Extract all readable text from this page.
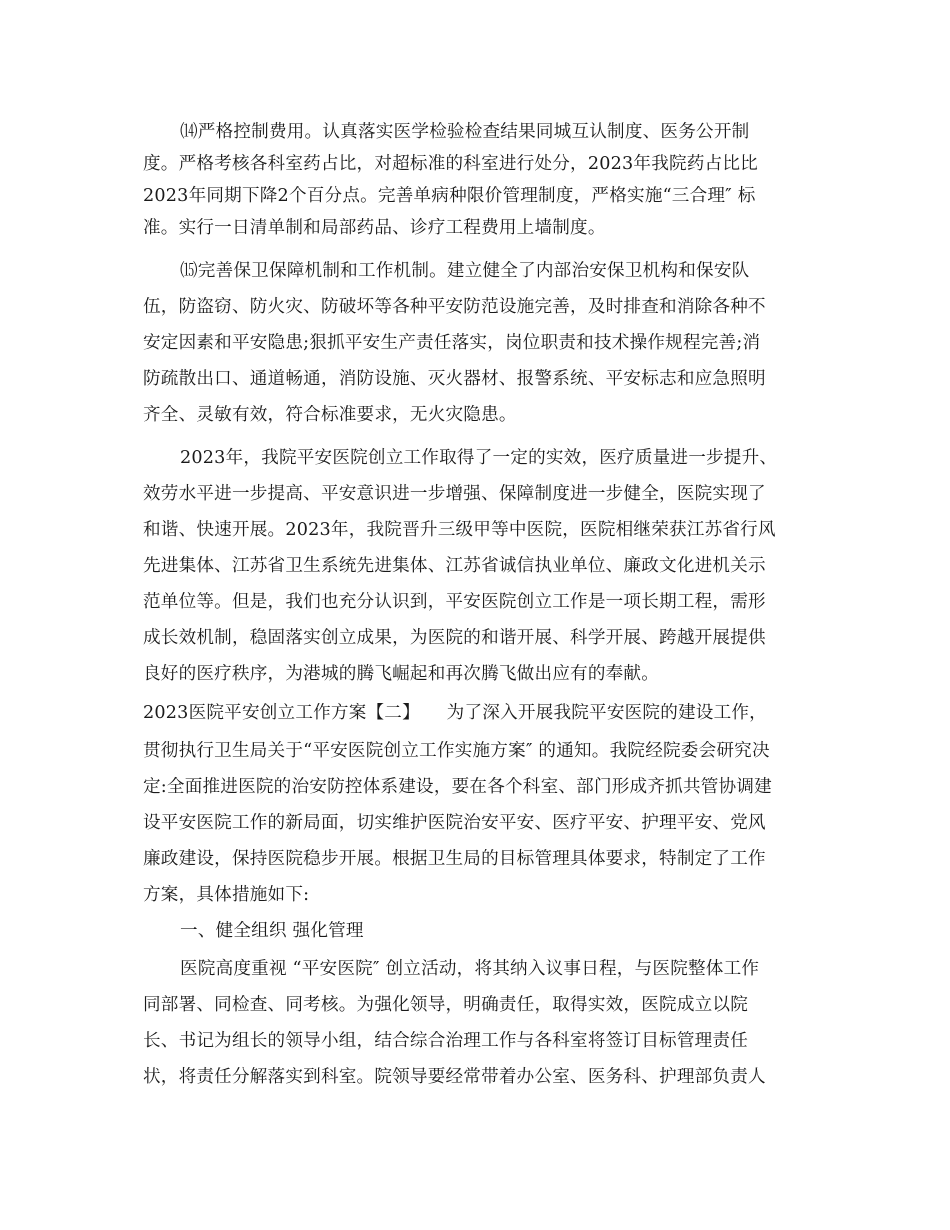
⒁严格控制费用。认真落实医学检验检查结果同城互认制度、医务公开制
度。严格考核各科室药占比，对超标准的科室进行处分，2023年我院药占比比
2023年同期下降2个百分点。完善单病种限价管理制度，严格实施“三合理″ 标
准。实行一日清单制和局部药品、诊疗工程费用上墙制度。
⒂完善保卫保障机制和工作机制。建立健全了内部治安保卫机构和保安队
伍，防盗窃、防火灾、防破坏等各种平安防范设施完善，及时排查和消除各种不
安定因素和平安隐患;狠抓平安生产责任落实，岗位职责和技术操作规程完善;消
防疏散出口、通道畅通，消防设施、灭火器材、报警系统、平安标志和应急照明
齐全、灵敏有效，符合标准要求，无火灾隐患。
2023年，我院平安医院创立工作取得了一定的实效，医疗质量进一步提升、
效劳水平进一步提高、平安意识进一步增强、保障制度进一步健全，医院实现了
和谐、快速开展。2023年，我院晋升三级甲等中医院，医院相继荣获江苏省行风
先进集体、江苏省卫生系统先进集体、江苏省诚信执业单位、廉政文化进机关示
范单位等。但是，我们也充分认识到，平安医院创立工作是一项长期工程，需形
成长效机制，稳固落实创立成果，为医院的和谐开展、科学开展、跨越开展提供
良好的医疗秩序，为港城的腾飞崛起和再次腾飞做出应有的奉献。
2023医院平安创立工作方案【二】　　为了深入开展我院平安医院的建设工作，
贯彻执行卫生局关于“平安医院创立工作实施方案″ 的通知。我院经院委会研究决
定:全面推进医院的治安防控体系建设，要在各个科室、部门形成齐抓共管协调建
设平安医院工作的新局面，切实维护医院治安平安、医疗平安、护理平安、党风
廉政建设，保持医院稳步开展。根据卫生局的目标管理具体要求，特制定了工作
方案，具体措施如下:
一、健全组织 强化管理
医院高度重视 “平安医院″ 创立活动，将其纳入议事日程，与医院整体工作
同部署、同检查、同考核。为强化领导，明确责任，取得实效，医院成立以院
长、书记为组长的领导小组，结合综合治理工作与各科室将签订目标管理责任
状，将责任分解落实到科室。院领导要经常带着办公室、医务科、护理部负责人
